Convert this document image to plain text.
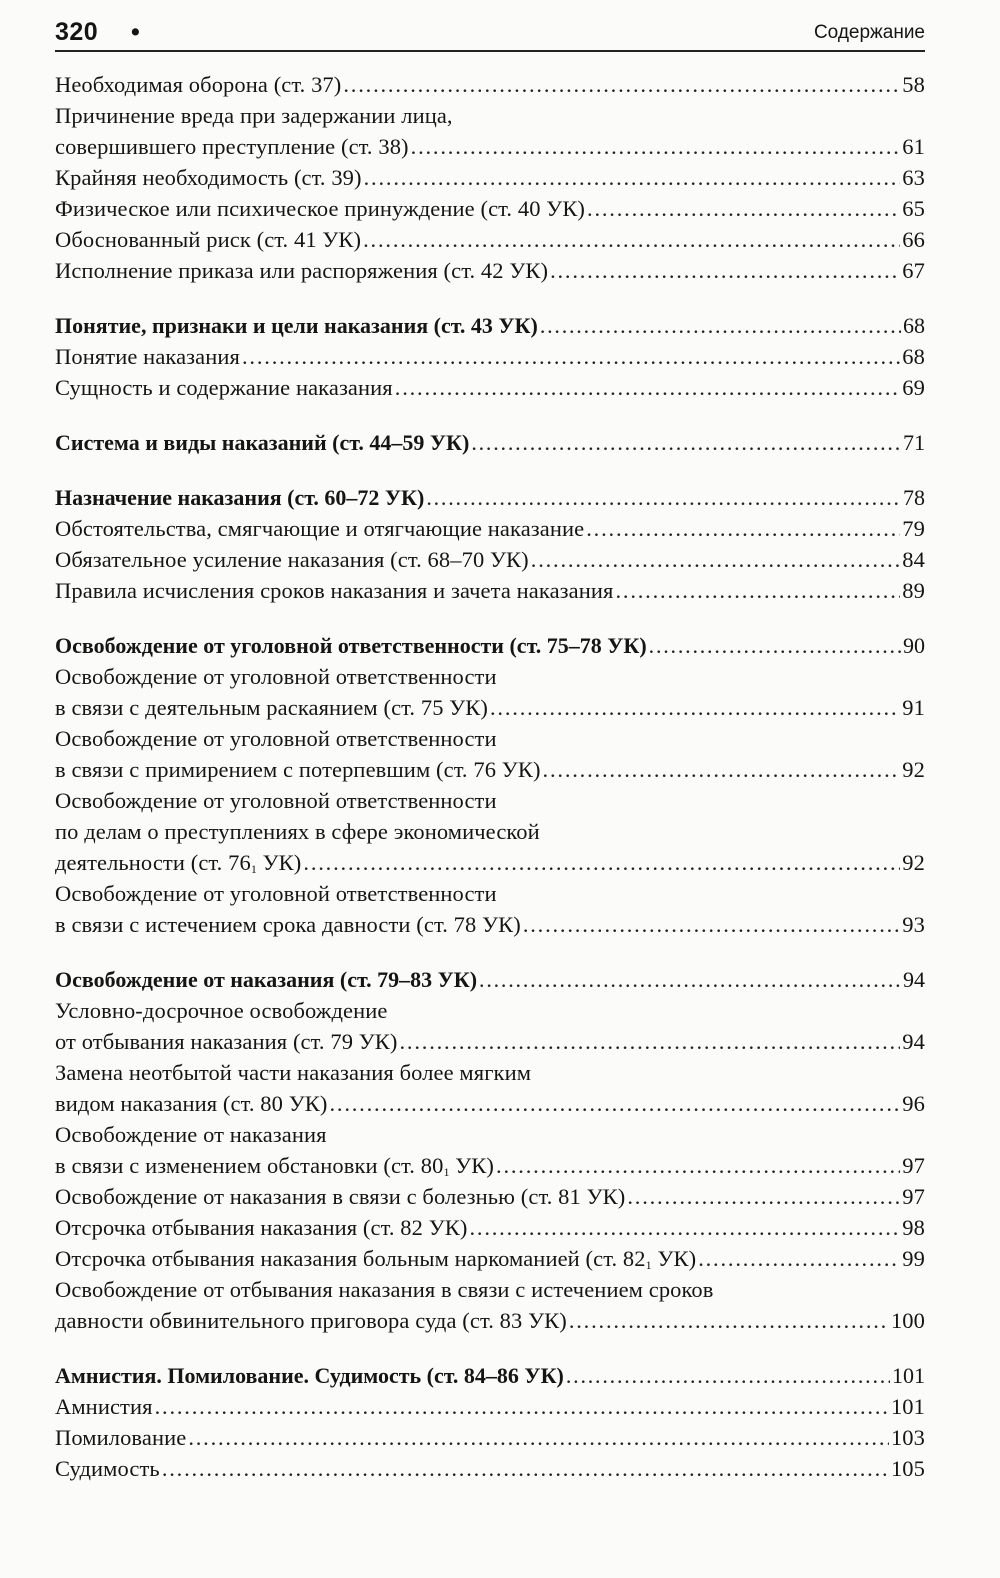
320 •	Содержание
Необходимая оборона (ст. 37) .....	58
Причинение вреда при задержании лица,
совершившего преступление (ст. 38) .....	61
Крайняя необходимость (ст. 39) .....	63
Физическое или психическое принуждение (ст. 40 УК) .....	65
Обоснованный риск (ст. 41 УК) .....	66
Исполнение приказа или распоряжения (ст. 42 УК) .....	67
Понятие, признаки и цели наказания (ст. 43 УК) .....	68
Понятие наказания .....	68
Сущность и содержание наказания .....	69
Система и виды наказаний (ст. 44–59 УК) .....	71
Назначение наказания (ст. 60–72 УК) .....	78
Обстоятельства, смягчающие и отягчающие наказание .....	79
Обязательное усиление наказания (ст. 68–70 УК) .....	84
Правила исчисления сроков наказания и зачета наказания .....	89
Освобождение от уголовной ответственности (ст. 75–78 УК) .....	90
Освобождение от уголовной ответственности
в связи с деятельным раскаянием (ст. 75 УК) .....	91
Освобождение от уголовной ответственности
в связи с примирением с потерпевшим (ст. 76 УК) .....	92
Освобождение от уголовной ответственности
по делам о преступлениях в сфере экономической
деятельности (ст. $76^1$ УК) .....	92
Освобождение от уголовной ответственности
в связи с истечением срока давности (ст. 78 УК) .....	93
Освобождение от наказания (ст. 79–83 УК) .....	94
Условно-досрочное освобождение
от отбывания наказания (ст. 79 УК) .....	94
Замена неотбытой части наказания более мягким
видом наказания (ст. 80 УК) .....	96
Освобождение от наказания
в связи с изменением обстановки (ст. $80^1$ УК) .....	97
Освобождение от наказания в связи с болезнью (ст. 81 УК) .....	97
Отсрочка отбывания наказания (ст. 82 УК) .....	98
Отсрочка отбывания наказания больным наркоманией (ст. $82^1$ УК) .....	99
Освобождение от отбывания наказания в связи с истечением сроков
давности обвинительного приговора суда (ст. 83 УК) .....	100
Амнистия. Помилование. Судимость (ст. 84–86 УК) .....	101
Амнистия .....	101
Помилование .....	103
Судимость .....	105
